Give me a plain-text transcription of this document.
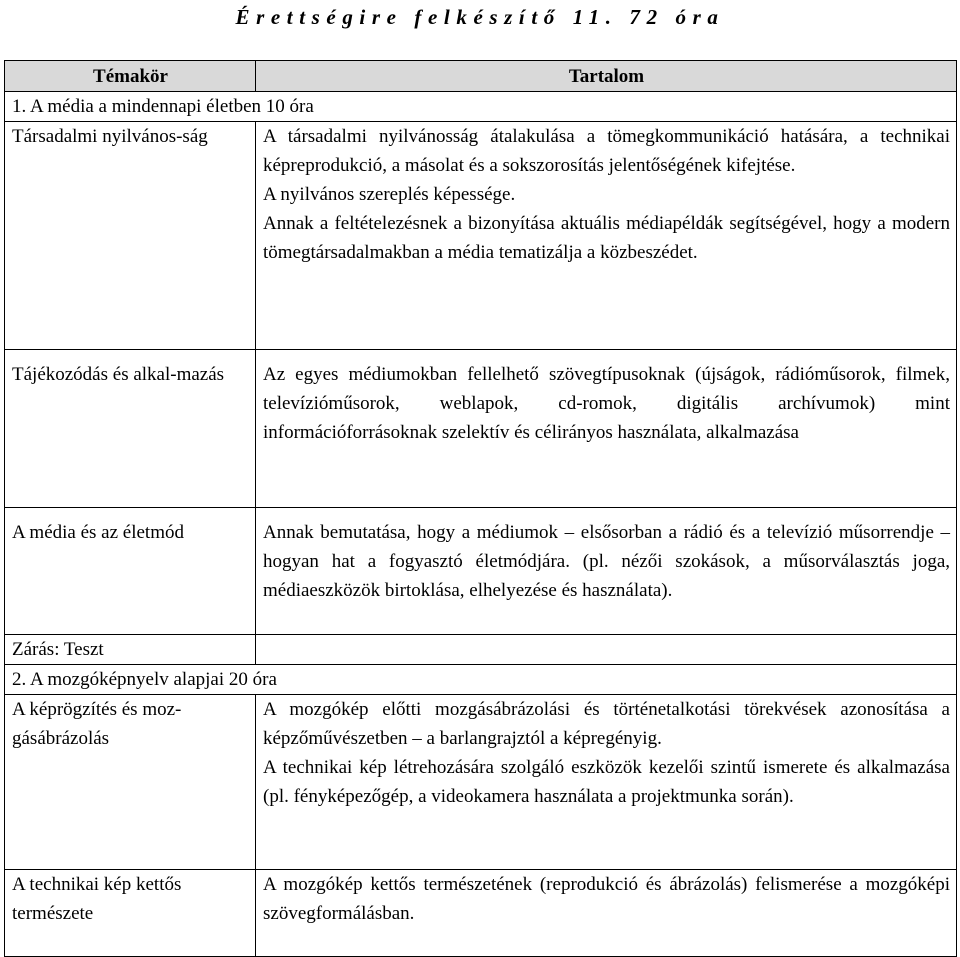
Érettségire felkészítő 11. 72 óra
Témakör	Tartalom
1. A média a mindennapi életben 10 óra	
Társadalmi nyilvános-ság	A társadalmi nyilvánosság átalakulása a tömegkommunikáció hatására, a technikai képreprodukció, a másolat és a sokszorosítás jelentőségének kifejtése.

A nyilvános szereplés képessége.

Annak a feltételezésnek a bizonyítása aktuális médiapéldák segítségével, hogy a modern tömegtársadalmakban a média tematizálja a közbeszédet.

Tájékozódás és alkal-mazás	Az egyes médiumokban fellelhető szövegtípusoknak (újságok, rádióműsorok, filmek, televízióműsorok, weblapok, cd-romok, digitális archívumok) mint információforrásoknak szelektív és célirányos használata, alkalmazása

A média és az életmód	Annak bemutatása, hogy a médiumok – elsősorban a rádió és a televízió műsorrendje – hogyan hat a fogyasztó életmódjára. (pl. nézői szokások, a műsorválasztás joga, médiaeszközök birtoklása, elhelyezése és használata).

Zárás: Teszt	
2. A mozgóképnyelv alapjai 20 óra	
A képrögzítés és moz-gásábrázolás	A mozgókép előtti mozgásábrázolási és történetalkotási törekvések azonosítása a képzőművészetben – a barlangrajztól a képregényig.

A technikai kép létrehozására szolgáló eszközök kezelői szintű ismerete és alkalmazása (pl. fényképezőgép, a videokamera használata a projektmunka során).

A technikai kép kettős természete	A mozgókép kettős természetének (reprodukció és ábrázolás) felismerése a mozgóképi szövegformálásban.
